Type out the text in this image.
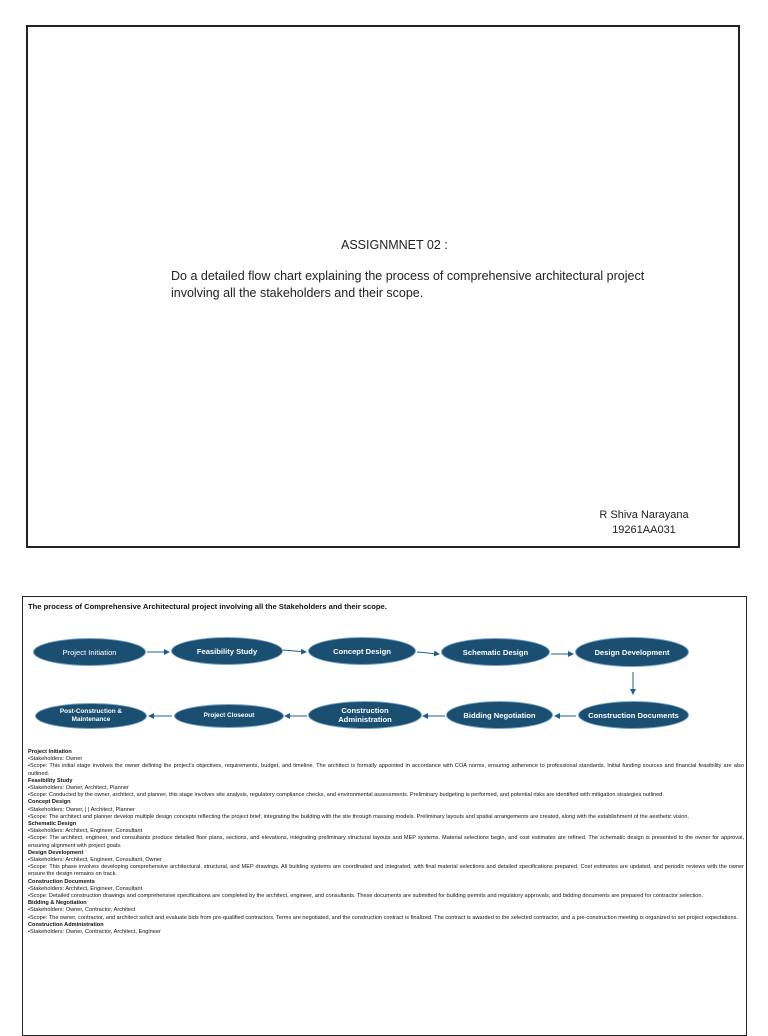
ASSIGNMNET 02 :
Do a detailed flow chart explaining the process of comprehensive architectural project involving all the stakeholders and their scope.
R Shiva Narayana
19261AA031
The process of Comprehensive Architectural project involving all the Stakeholders and their scope.
Project Initiation	Feasibility Study	Concept Design	Schematic Design	Design Development
Construction Documents
Bidding Negotiation
Construction Administration
Project Closeout
Post-Construction & Maintenance
Project Initiation
•Stakeholders: Owner
•Scope: This initial stage involves the owner defining the project's objectives, requirements, budget, and timeline. The architect is formally appointed in accordance with COA norms, ensuring adherence to professional standards. Initial funding sources and financial feasibility are also outlined.
Feasibility Study
•Stakeholders: Owner, Architect, Planner
•Scope: Conducted by the owner, architect, and planner, this stage involves site analysis, regulatory compliance checks, and environmental assessments. Preliminary budgeting is performed, and potential risks are identified with mitigation strategies outlined.
Concept Design
•Stakeholders: Owner, | | Architect, Planner
•Scope: The architect and planner develop multiple design concepts reflecting the project brief, integrating the building with the site through massing models. Preliminary layouts and spatial arrangements are created, along with the establishment of the aesthetic vision.
Schematic Design
•Stakeholders: Architect, Engineer, Consultant
•Scope: The architect, engineer, and consultants produce detailed floor plans, sections, and elevations, integrating preliminary structural layouts and MEP systems. Material selections begin, and cost estimates are refined. The schematic design is presented to the owner for approval, ensuring alignment with project goals.
Design Development
•Stakeholders: Architect, Engineer, Consultant, Owner
•Scope: This phase involves developing comprehensive architectural, structural, and MEP drawings. All building systems are coordinated and integrated, with final material selections and detailed specifications prepared. Cost estimates are updated, and periodic reviews with the owner ensure the design remains on track.
Construction Documents
•Stakeholders: Architect, Engineer, Consultant
•Scope: Detailed construction drawings and comprehensive specifications are completed by the architect, engineer, and consultants. These documents are submitted for building permits and regulatory approvals, and bidding documents are prepared for contractor selection.
Bidding & Negotiation
•Stakeholders: Owner, Contractor, Architect
•Scope: The owner, contractor, and architect solicit and evaluate bids from pre-qualified contractors. Terms are negotiated, and the construction contract is finalized. The contract is awarded to the selected contractor, and a pre-construction meeting is organized to set project expectations.
Construction Administration
•Stakeholders: Owner, Contractor, Architect, Engineer
